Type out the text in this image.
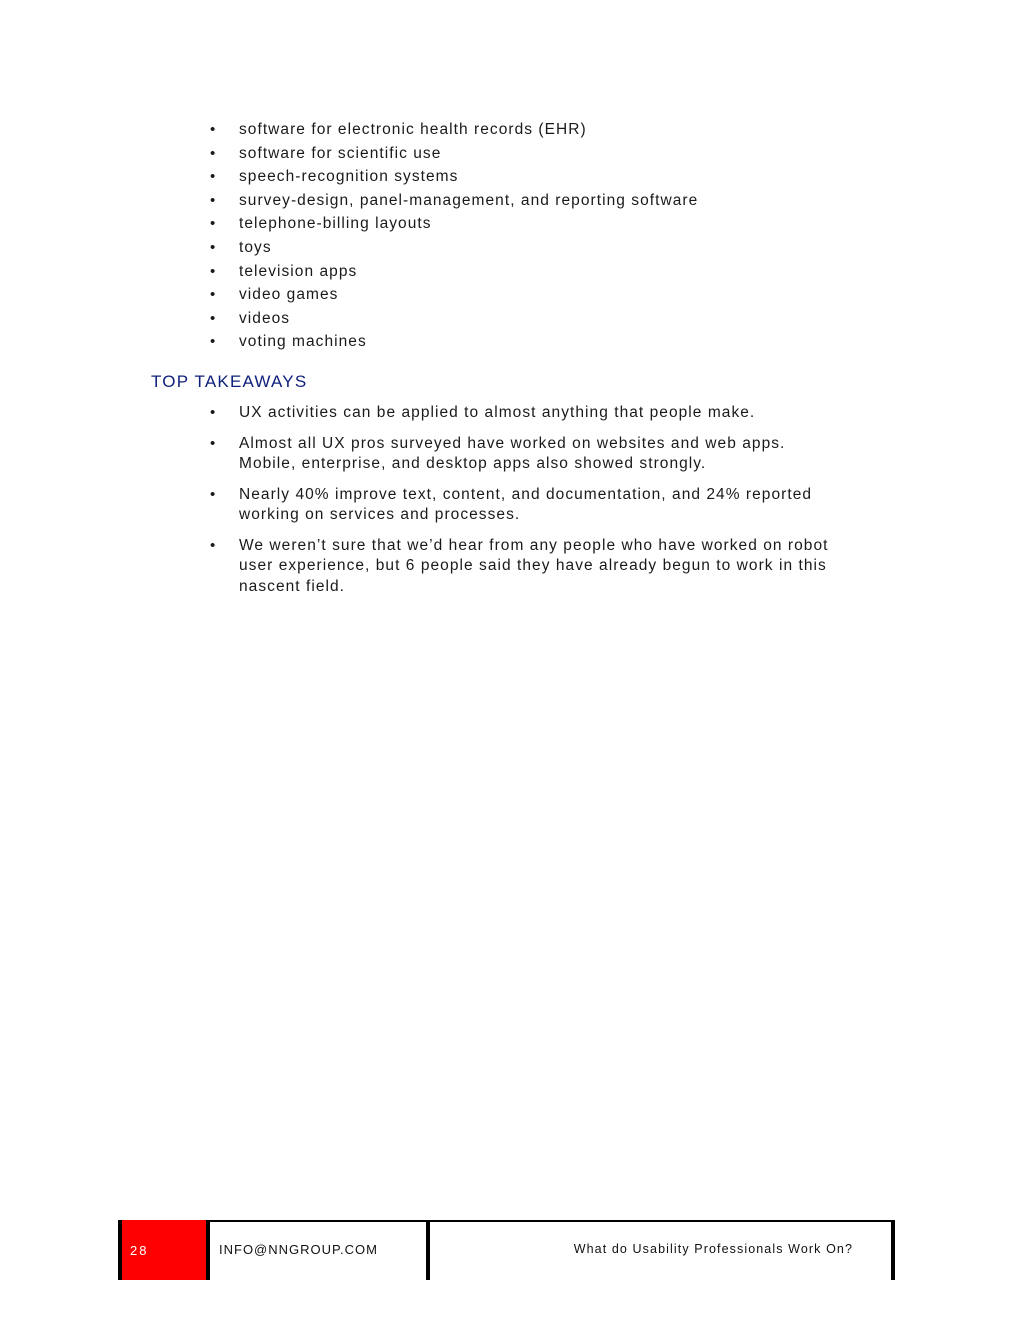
• software for electronic health records (EHR)
• software for scientific use
• speech-recognition systems
• survey-design, panel-management, and reporting software
• telephone-billing layouts
• toys
• television apps
• video games
• videos
• voting machines
TOP TAKEAWAYS
• UX activities can be applied to almost anything that people make.
• Almost all UX pros surveyed have worked on websites and web apps. Mobile, enterprise, and desktop apps also showed strongly.
• Nearly 40% improve text, content, and documentation, and 24% reported working on services and processes.
• We weren’t sure that we’d hear from any people who have worked on robot user experience, but 6 people said they have already begun to work in this nascent field.
28	INFO@NNGROUP.COM	What do Usability Professionals Work On?
